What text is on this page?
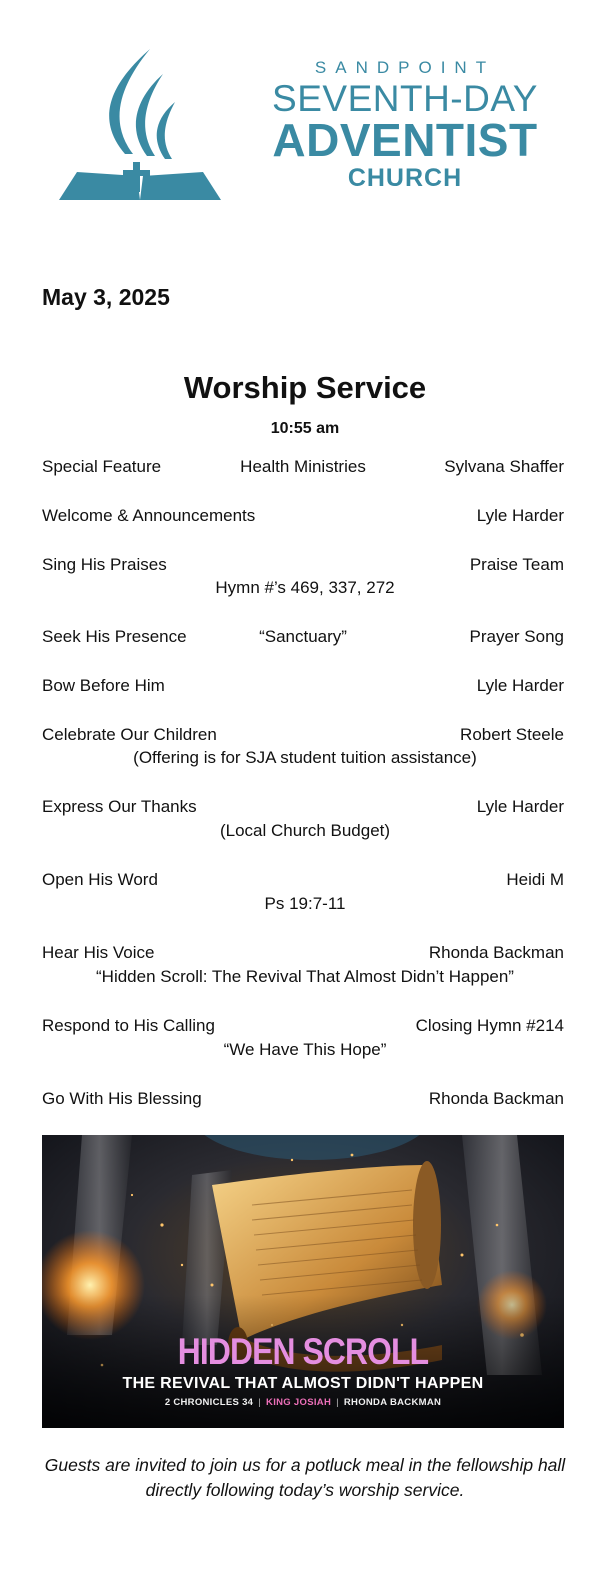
SANDPOINT
SEVENTH-DAY
ADVENTIST
CHURCH
May 3, 2025
Worship Service
10:55 am
Special Feature	Health Ministries	Sylvana Shaffer
Welcome & Announcements	Lyle Harder
Sing His Praises	Praise Team
Hymn #’s 469, 337, 272
Seek His Presence	“Sanctuary”	Prayer Song
Bow Before Him	Lyle Harder
Celebrate Our Children	Robert Steele
(Offering is for SJA student tuition assistance)
Express Our Thanks	Lyle Harder
(Local Church Budget)
Open His Word	Heidi M
Ps 19:7-11
Hear His Voice	Rhonda Backman
“Hidden Scroll: The Revival That Almost Didn’t Happen”
Respond to His Calling	Closing Hymn #214
“We Have This Hope”
Go With His Blessing	Rhonda Backman
HIDDEN SCROLL
THE REVIVAL THAT ALMOST DIDN'T HAPPEN
2 CHRONICLES 34 | KING JOSIAH | RHONDA BACKMAN
Guests are invited to join us for a potluck meal in the fellowship hall directly following today’s worship service.
